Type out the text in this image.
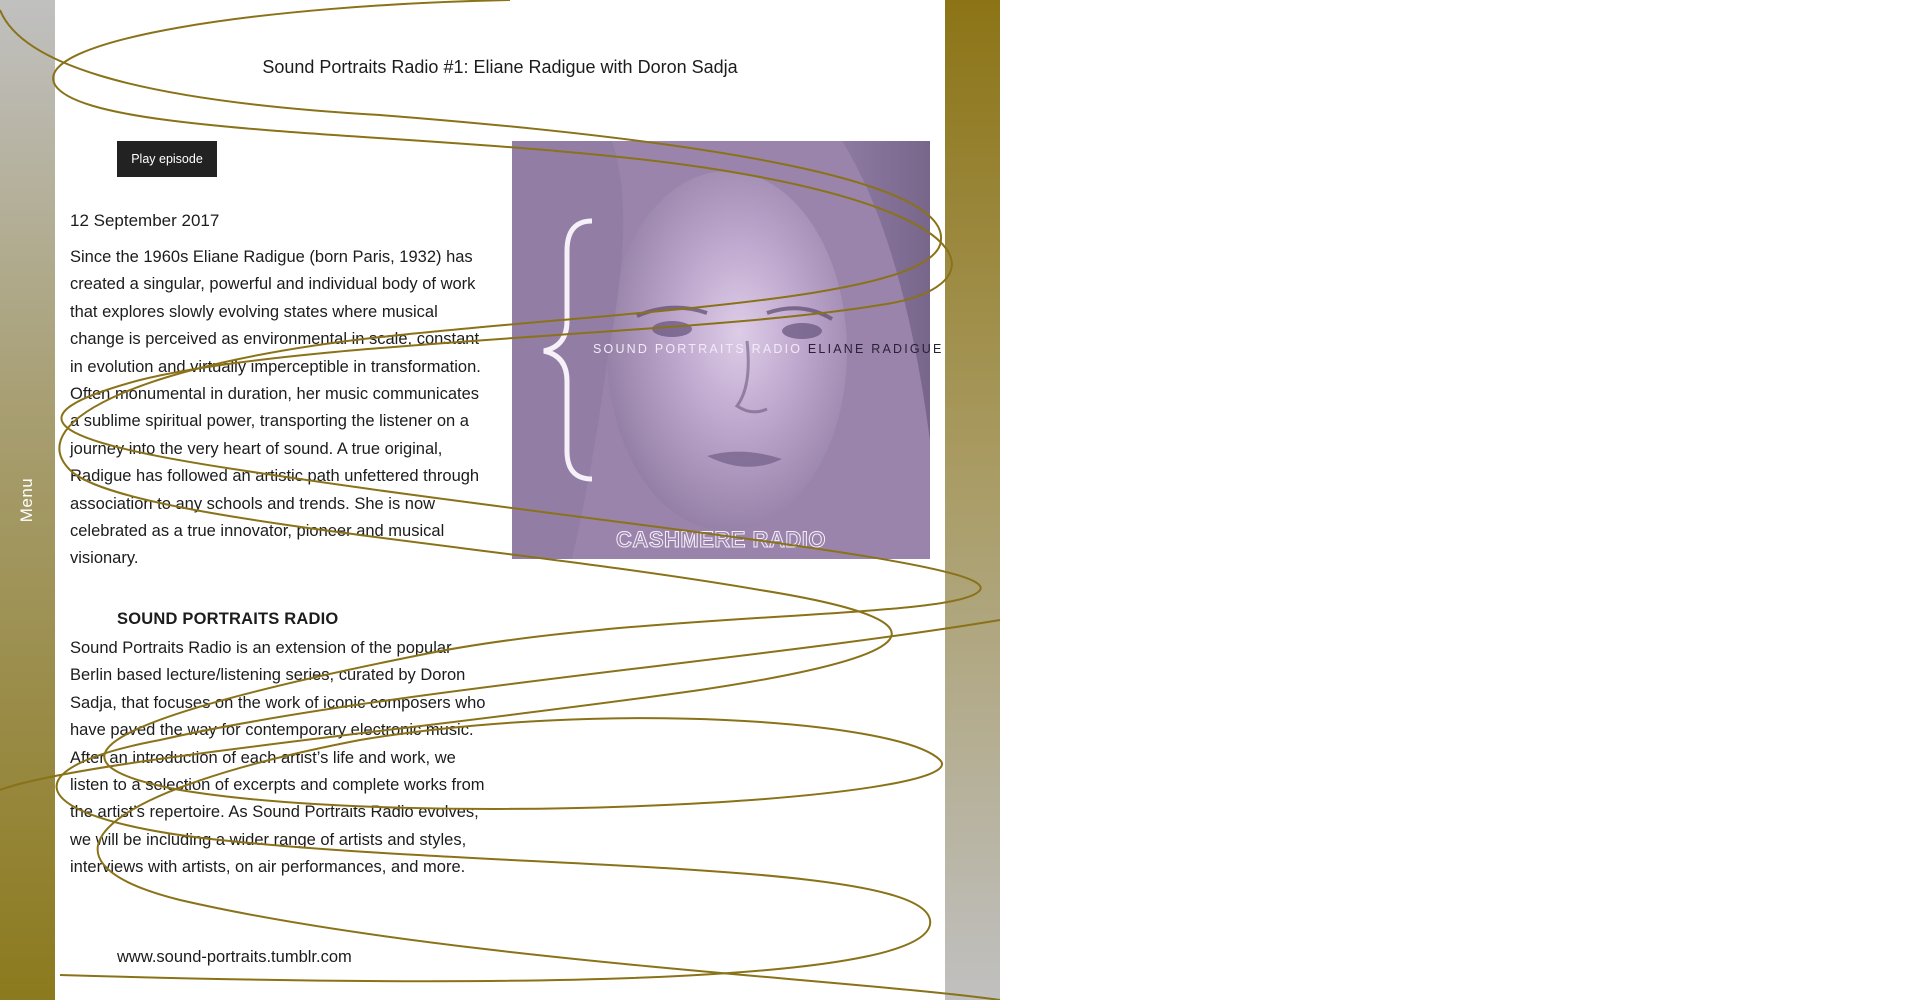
Menu	Radio Schedule
Sound Portraits Radio #1: Eliane Radigue with Doron Sadja
Play episode
12 September 2017

Since the 1960s Eliane Radigue (born Paris, 1932) has created a singular, powerful and individual body of work that explores slowly evolving states where musical change is perceived as environmental in scale, constant in evolution and virtually imperceptible in transformation. Often monumental in duration, her music communicates a sublime spiritual power, transporting the listener on a journey into the very heart of sound. A true original, Radigue has followed an artistic path unfettered through association to any schools and trends. She is now celebrated as a true innovator, pioneer and musical visionary.

SOUND PORTRAITS RADIO

Sound Portraits Radio is an extension of the popular Berlin based lecture/listening series, curated by Doron Sadja, that focuses on the work of iconic composers who have paved the way for contemporary electronic music. After an introduction of each artist’s life and work, we listen to a selection of excerpts and complete works from the artist’s repertoire. As Sound Portraits Radio evolves, we will be including a wider range of artists and styles, interviews with artists, on air performances, and more.

www.sound-portraits.tumblr.com
SOUND PORTRAITS RADIO ELIANE RADIGUE
CASHMERE RADIO
